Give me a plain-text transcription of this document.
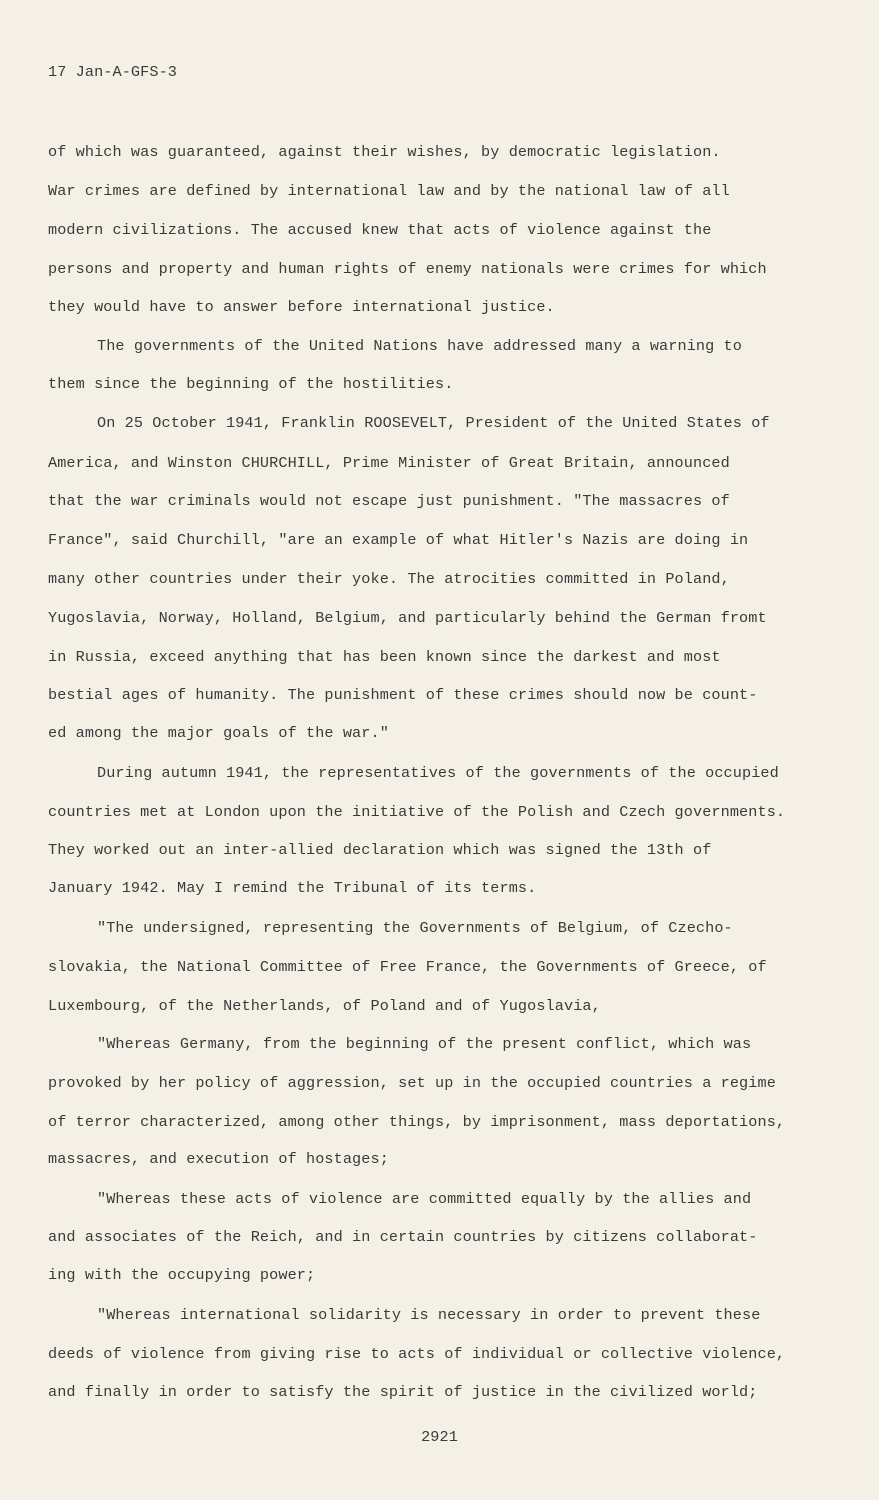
17 Jan-A-GFS-3
of which was guaranteed, against their wishes, by democratic legislation.
War crimes are defined by international law and by the national law of all
modern civilizations. The accused knew that acts of violence against the
persons and property and human rights of enemy nationals were crimes for which
they would have to answer before international justice.
The governments of the United Nations have addressed many a warning to
them since the beginning of the hostilities.
On 25 October 1941, Franklin ROOSEVELT, President of the United States of
America, and Winston CHURCHILL, Prime Minister of Great Britain, announced
that the war criminals would not escape just punishment. "The massacres of
France", said Churchill, "are an example of what Hitler's Nazis are doing in
many other countries under their yoke. The atrocities committed in Poland,
Yugoslavia, Norway, Holland, Belgium, and particularly behind the German fromt
in Russia, exceed anything that has been known since the darkest and most
bestial ages of humanity. The punishment of these crimes should now be count-
ed among the major goals of the war."
During autumn 1941, the representatives of the governments of the occupied
countries met at London upon the initiative of the Polish and Czech governments.
They worked out an inter-allied declaration which was signed the 13th of
January 1942. May I remind the Tribunal of its terms.
"The undersigned, representing the Governments of Belgium, of Czecho-
slovakia, the National Committee of Free France, the Governments of Greece, of
Luxembourg, of the Netherlands, of Poland and of Yugoslavia,
"Whereas Germany, from the beginning of the present conflict, which was
provoked by her policy of aggression, set up in the occupied countries a regime
of terror characterized, among other things, by imprisonment, mass deportations,
massacres, and execution of hostages;
"Whereas these acts of violence are committed equally by the allies and
and associates of the Reich, and in certain countries by citizens collaborat-
ing with the occupying power;
"Whereas international solidarity is necessary in order to prevent these
deeds of violence from giving rise to acts of individual or collective violence,
and finally in order to satisfy the spirit of justice in the civilized world;
2921
